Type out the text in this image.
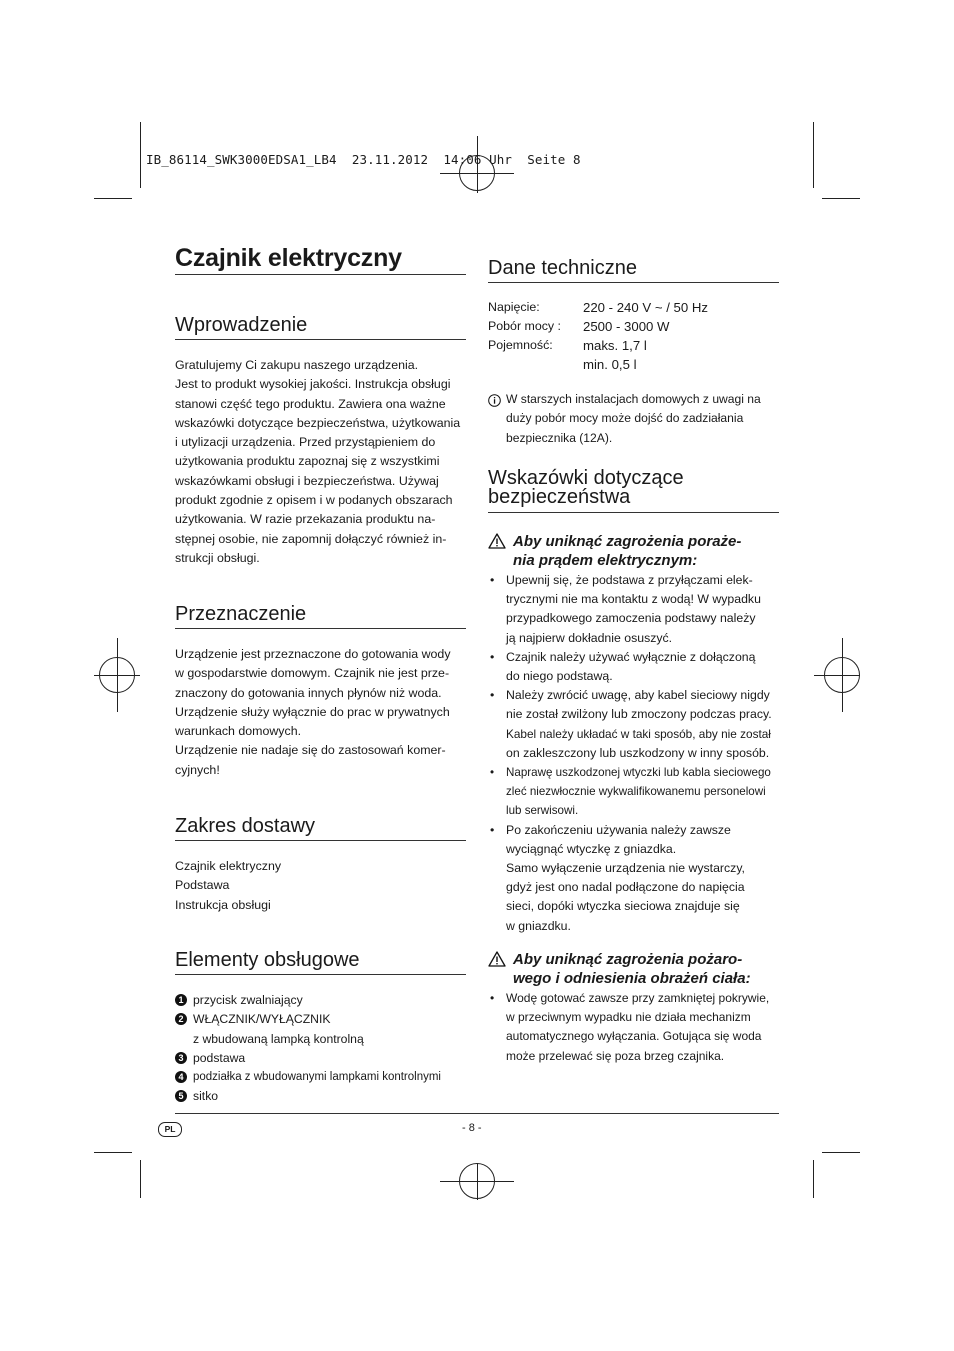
IB_86114_SWK3000EDSA1_LB4  23.11.2012  14:06 Uhr  Seite 8
Czajnik elektryczny
Wprowadzenie
Gratulujemy Ci zakupu naszego urządzenia.
Jest to produkt wysokiej jakości. Instrukcja obsługi
stanowi część tego produktu. Zawiera ona ważne
wskazówki dotyczące bezpieczeństwa, użytkowania
i utylizacji urządzenia. Przed przystąpieniem do
użytkowania produktu zapoznaj się z wszystkimi
wskazówkami obsługi i bezpieczeństwa. Używaj
produkt zgodnie z opisem i w podanych obszarach
użytkowania. W razie przekazania produktu na-
stępnej osobie, nie zapomnij dołączyć również in-
strukcji obsługi.
Przeznaczenie
Urządzenie jest przeznaczone do gotowania wody
w gospodarstwie domowym. Czajnik nie jest prze-
znaczony do gotowania innych płynów niż woda.
Urządzenie służy wyłącznie do prac w prywatnych
warunkach domowych.
Urządzenie nie nadaje się do zastosowań komer-
cyjnych!
Zakres dostawy
Czajnik elektryczny
Podstawa
Instrukcja obsługi
Elementy obsługowe
1 przycisk zwalniający
2 WŁĄCZNIK/WYŁĄCZNIK
z wbudowaną lampką kontrolną
3 podstawa
4 podziałka z wbudowanymi lampkami kontrolnymi
5 sitko
Dane techniczne
Napięcie:	220 - 240 V ~ / 50 Hz
Pobór mocy : 2500 - 3000 W
Pojemność: maks. 1,7 l
min. 0,5 l
W starszych instalacjach domowych z uwagi na
duży pobór mocy może dojść do zadziałania
bezpiecznika (12A).
Wskazówki dotyczące
bezpieczeństwa
Aby uniknąć zagrożenia poraże-
nia prądem elektrycznym:
• Upewnij się, że podstawa z przyłączami elek-
trycznymi nie ma kontaktu z wodą! W wypadku
przypadkowego zamoczenia podstawy należy
ją najpierw dokładnie osuszyć.
• Czajnik należy używać wyłącznie z dołączoną
do niego podstawą.
• Należy zwrócić uwagę, aby kabel sieciowy nigdy
nie został zwilżony lub zmoczony podczas pracy.
Kabel należy układać w taki sposób, aby nie został
on zakleszczony lub uszkodzony w inny sposób.
• Naprawę uszkodzonej wtyczki lub kabla sieciowego
zleć niezwłocznie wykwalifikowanemu personelowi
lub serwisowi.
• Po zakończeniu używania należy zawsze
wyciągnąć wtyczkę z gniazdka.
Samo wyłączenie urządzenia nie wystarczy,
gdyż jest ono nadal podłączone do napięcia
sieci, dopóki wtyczka sieciowa znajduje się
w gniazdku.
Aby uniknąć zagrożenia pożaro-
wego i odniesienia obrażeń ciała:
• Wodę gotować zawsze przy zamkniętej pokrywie,
w przeciwnym wypadku nie działa mechanizm
automatycznego wyłączania. Gotująca się woda
może przelewać się poza brzeg czajnika.
PL	- 8 -
